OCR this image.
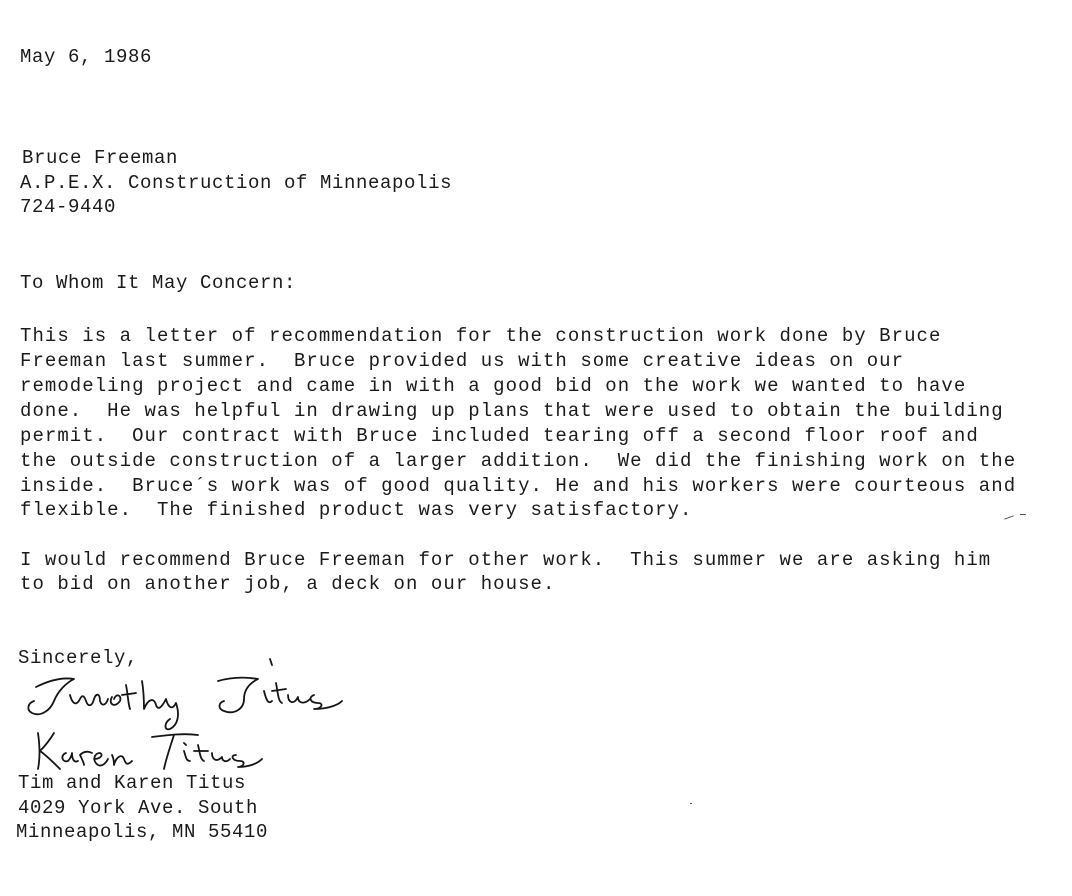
May 6, 1986
Bruce Freeman
A.P.E.X. Construction of Minneapolis
724-9440
To Whom It May Concern:
This is a letter of recommendation for the construction work done by Bruce
Freeman last summer.  Bruce provided us with some creative ideas on our
remodeling project and came in with a good bid on the work we wanted to have
done.  He was helpful in drawing up plans that were used to obtain the building
permit.  Our contract with Bruce included tearing off a second floor roof and
the outside construction of a larger addition.  We did the finishing work on the
inside.  Bruce´s work was of good quality. He and his workers were courteous and
flexible.  The finished product was very satisfactory.
I would recommend Bruce Freeman for other work.  This summer we are asking him
to bid on another job, a deck on our house.
Sincerely,
Tim and Karen Titus
4029 York Ave. South
Minneapolis, MN 55410
